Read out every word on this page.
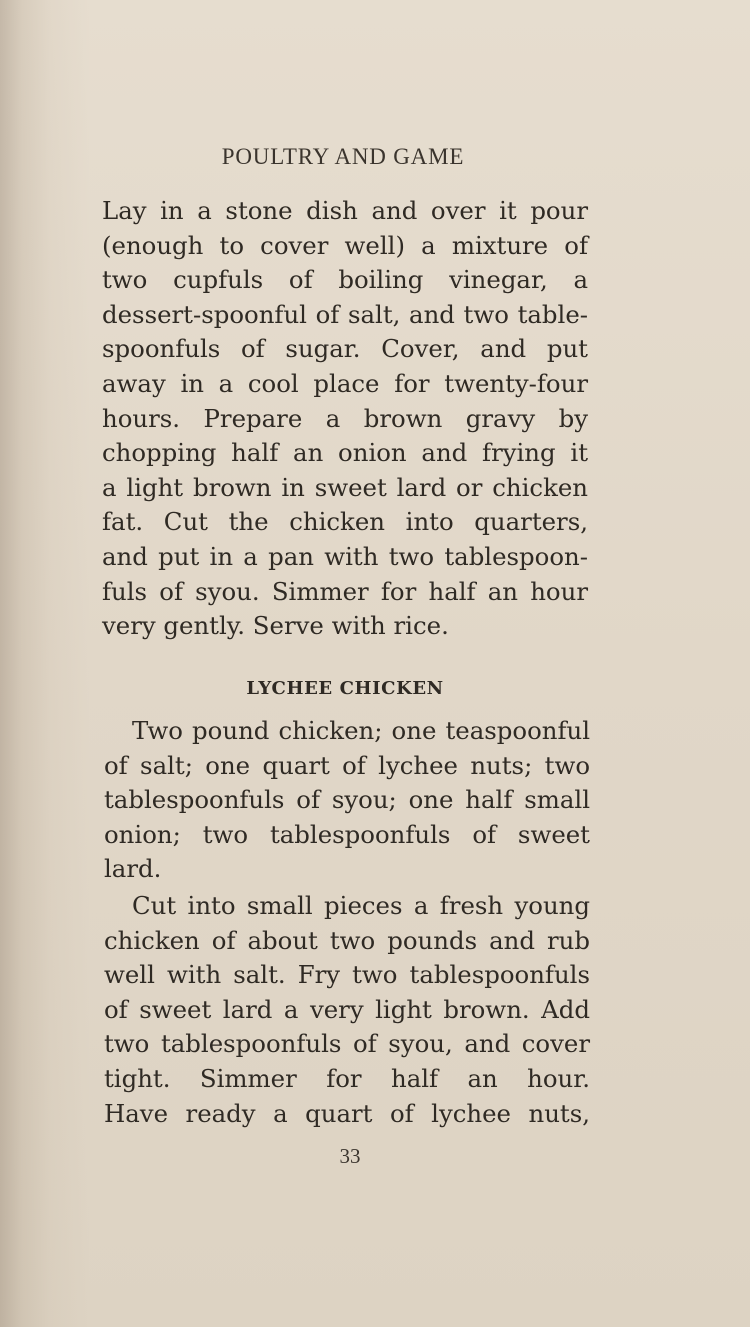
POULTRY AND GAME
Lay in a stone dish and over it pour
(enough to cover well) a mixture of
two cupfuls of boiling vinegar, a
dessert-spoonful of salt, and two table-
spoonfuls of sugar. Cover, and put
away in a cool place for twenty-four
hours. Prepare a brown gravy by
chopping half an onion and frying it
a light brown in sweet lard or chicken
fat. Cut the chicken into quarters,
and put in a pan with two tablespoon-
fuls of syou. Simmer for half an hour
very gently. Serve with rice.
LYCHEE CHICKEN
Two pound chicken; one teaspoonful
of salt; one quart of lychee nuts; two
tablespoonfuls of syou; one half small
onion; two tablespoonfuls of sweet
lard.
Cut into small pieces a fresh young
chicken of about two pounds and rub
well with salt. Fry two tablespoonfuls
of sweet lard a very light brown. Add
two tablespoonfuls of syou, and cover
tight. Simmer for half an hour.
Have ready a quart of lychee nuts,
33
